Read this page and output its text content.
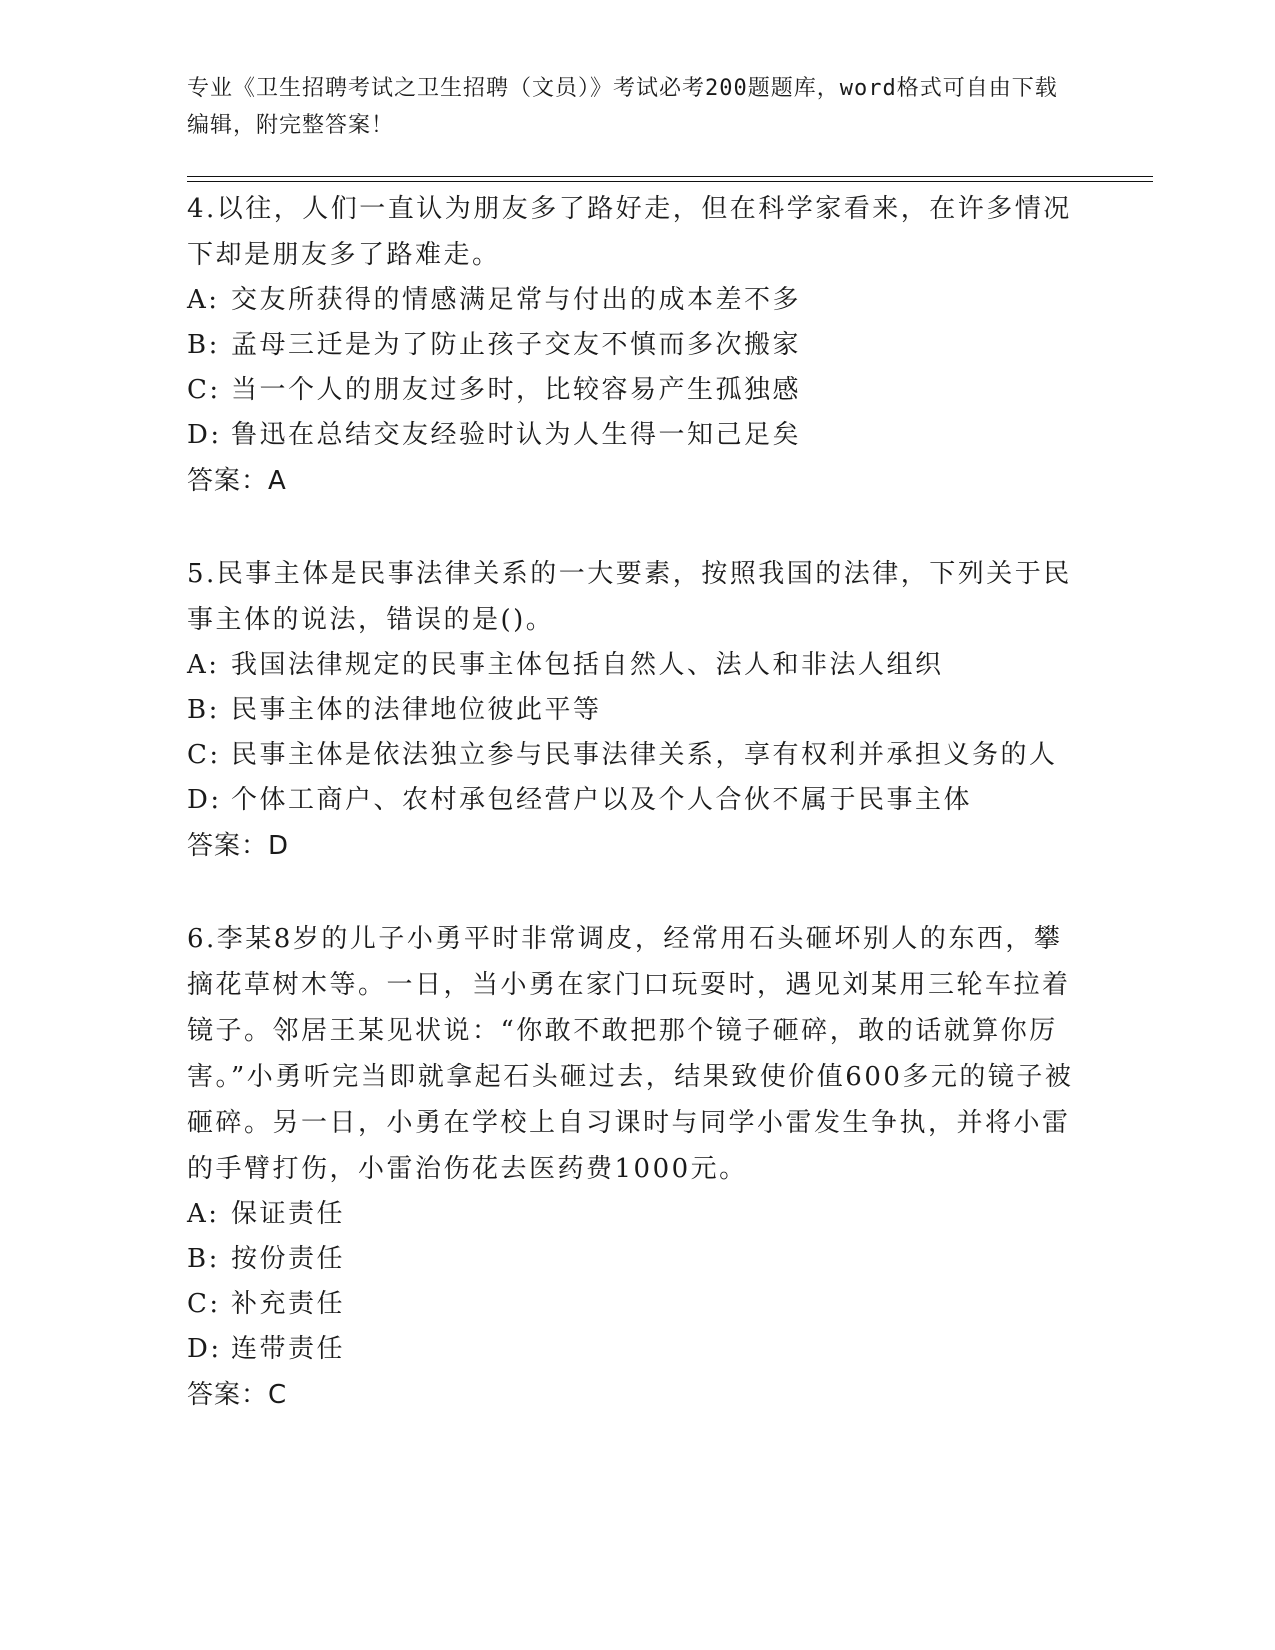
专业《卫生招聘考试之卫生招聘（文员）》考试必考200题题库，word格式可自由下载编辑，附完整答案！
4.以往，人们一直认为朋友多了路好走，但在科学家看来，在许多情况下却是朋友多了路难走。
A: 交友所获得的情感满足常与付出的成本差不多
B: 孟母三迁是为了防止孩子交友不慎而多次搬家
C: 当一个人的朋友过多时，比较容易产生孤独感
D: 鲁迅在总结交友经验时认为人生得一知己足矣
答案：A
5.民事主体是民事法律关系的一大要素，按照我国的法律，下列关于民事主体的说法，错误的是()。
A: 我国法律规定的民事主体包括自然人、法人和非法人组织
B: 民事主体的法律地位彼此平等
C: 民事主体是依法独立参与民事法律关系，享有权利并承担义务的人
D: 个体工商户、农村承包经营户以及个人合伙不属于民事主体
答案：D
6.李某8岁的儿子小勇平时非常调皮，经常用石头砸坏别人的东西，攀摘花草树木等。一日，当小勇在家门口玩耍时，遇见刘某用三轮车拉着镜子。邻居王某见状说：“你敢不敢把那个镜子砸碎，敢的话就算你厉害。”小勇听完当即就拿起石头砸过去，结果致使价值600多元的镜子被砸碎。另一日，小勇在学校上自习课时与同学小雷发生争执，并将小雷的手臂打伤，小雷治伤花去医药费1000元。
A: 保证责任
B: 按份责任
C: 补充责任
D: 连带责任
答案：C
